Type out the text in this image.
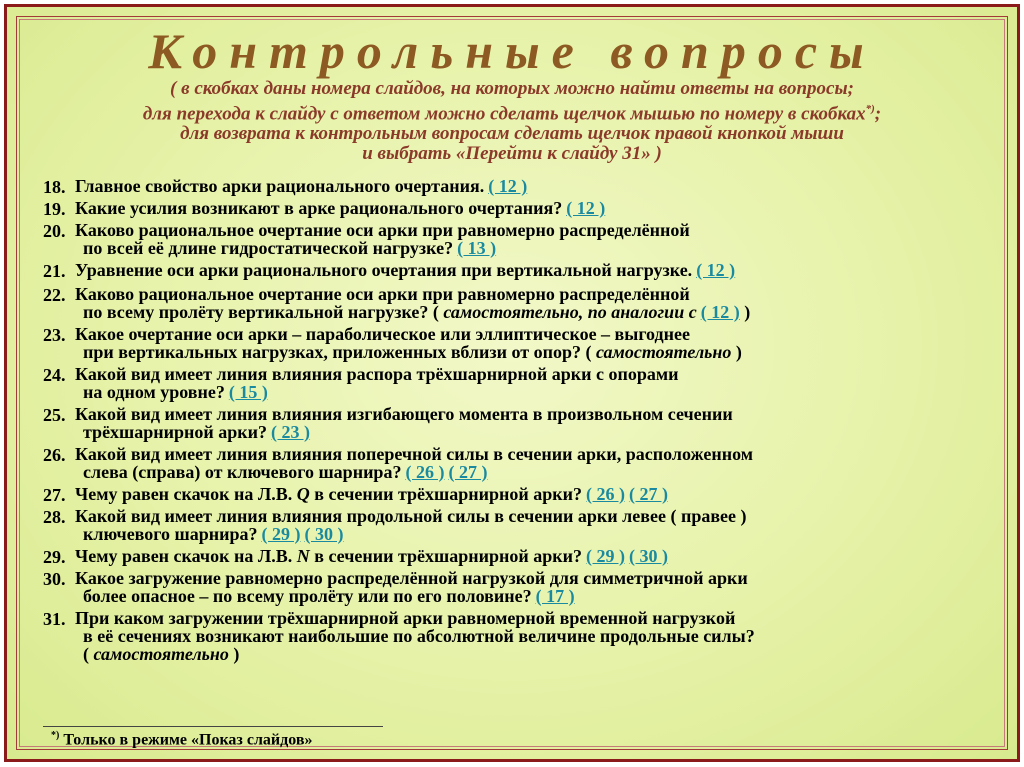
Контрольные вопросы
( в скобках даны номера слайдов, на которых можно найти ответы на вопросы;
для перехода к слайду с ответом можно сделать щелчок мышью по номеру в скобках*);
для возврата к контрольным вопросам сделать щелчок правой кнопкой мыши
и выбрать «Перейти к слайду 31» )
18. Главное свойство арки рационального очертания. ( 12 )
19. Какие усилия возникают в арке рационального очертания? ( 12 )
20. Каково рациональное очертание оси арки при равномерно распределённой
по всей её длине гидростатической нагрузке? ( 13 )
21. Уравнение оси арки рационального очертания при вертикальной нагрузке. ( 12 )
22. Каково рациональное очертание оси арки при равномерно распределённой
по всему пролёту вертикальной нагрузке? ( самостоятельно, по аналогии с ( 12 ) )
23. Какое очертание оси арки – параболическое или эллиптическое – выгоднее
при вертикальных нагрузках, приложенных вблизи от опор? ( самостоятельно )
24. Какой вид имеет линия влияния распора трёхшарнирной арки с опорами
на одном уровне? ( 15 )
25. Какой вид имеет линия влияния изгибающего момента в произвольном сечении
трёхшарнирной арки? ( 23 )
26. Какой вид имеет линия влияния поперечной силы в сечении арки, расположенном
слева (справа) от ключевого шарнира? ( 26 ) ( 27 )
27. Чему равен скачок на Л.В. Q в сечении трёхшарнирной арки? ( 26 ) ( 27 )
28. Какой вид имеет линия влияния продольной силы в сечении арки левее ( правее )
ключевого шарнира? ( 29 ) ( 30 )
29. Чему равен скачок на Л.В. N в сечении трёхшарнирной арки? ( 29 ) ( 30 )
30. Какое загружение равномерно распределённой нагрузкой для симметричной арки
более опасное – по всему пролёту или по его половине? ( 17 )
31. При каком загружении трёхшарнирной арки равномерной временной нагрузкой
в её сечениях возникают наибольшие по абсолютной величине продольные силы?
( самостоятельно )
*) Только в режиме «Показ слайдов»
